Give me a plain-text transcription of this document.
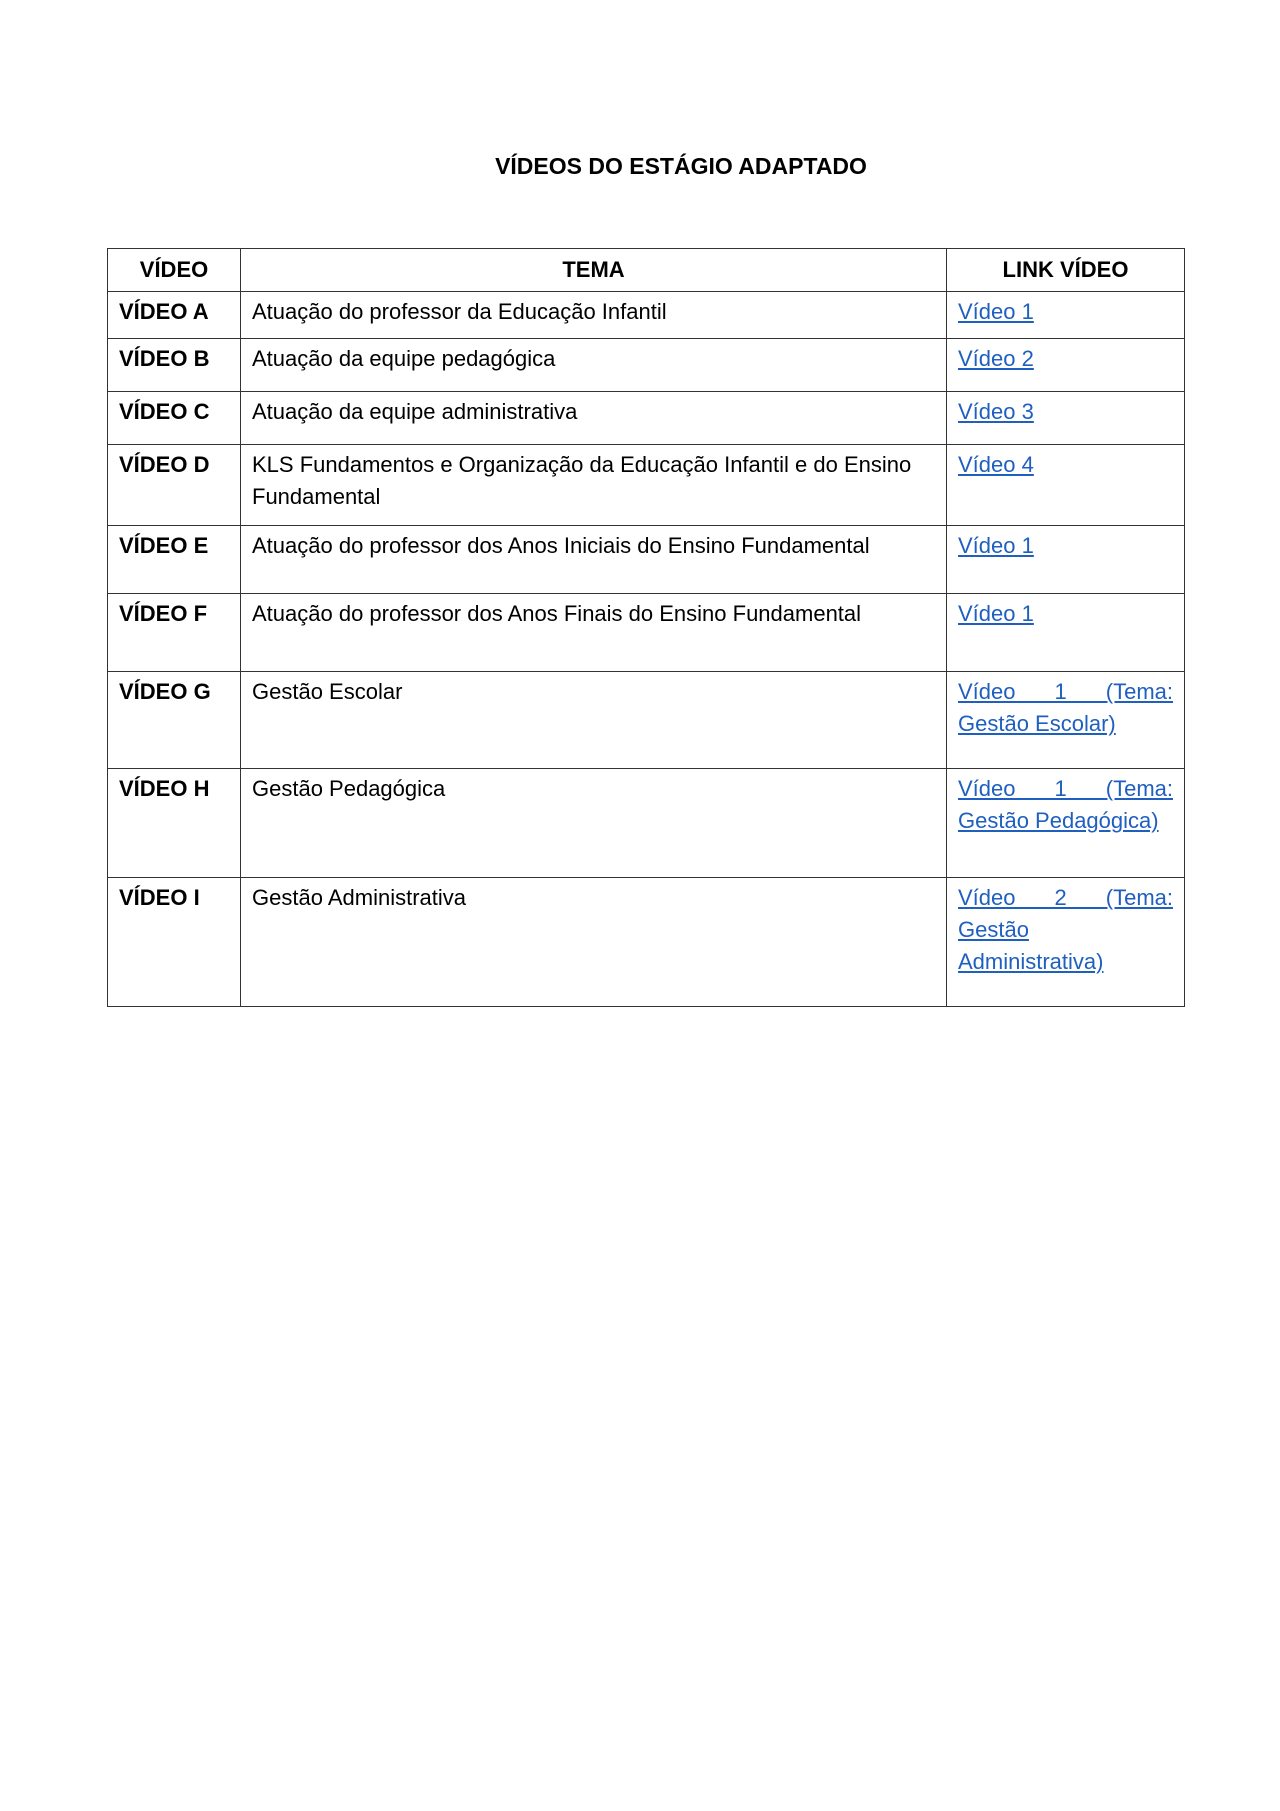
VÍDEOS DO ESTÁGIO ADAPTADO
VÍDEO	TEMA	LINK VÍDEO
VÍDEO A	Atuação do professor da Educação Infantil	Vídeo 1
VÍDEO B	Atuação da equipe pedagógica	Vídeo 2
VÍDEO C	Atuação da equipe administrativa	Vídeo 3
VÍDEO D	KLS Fundamentos e Organização da Educação Infantil e do Ensino Fundamental	Vídeo 4
VÍDEO E	Atuação do professor dos Anos Iniciais do Ensino Fundamental	Vídeo 1
VÍDEO F	Atuação do professor dos Anos Finais do Ensino Fundamental	Vídeo 1
VÍDEO G	Gestão Escolar	Vídeo 1 (Tema: Gestão Escolar)
VÍDEO H	Gestão Pedagógica	Vídeo 1 (Tema: Gestão Pedagógica)
VÍDEO I	Gestão Administrativa	Vídeo 2 (Tema: Gestão Administrativa)
